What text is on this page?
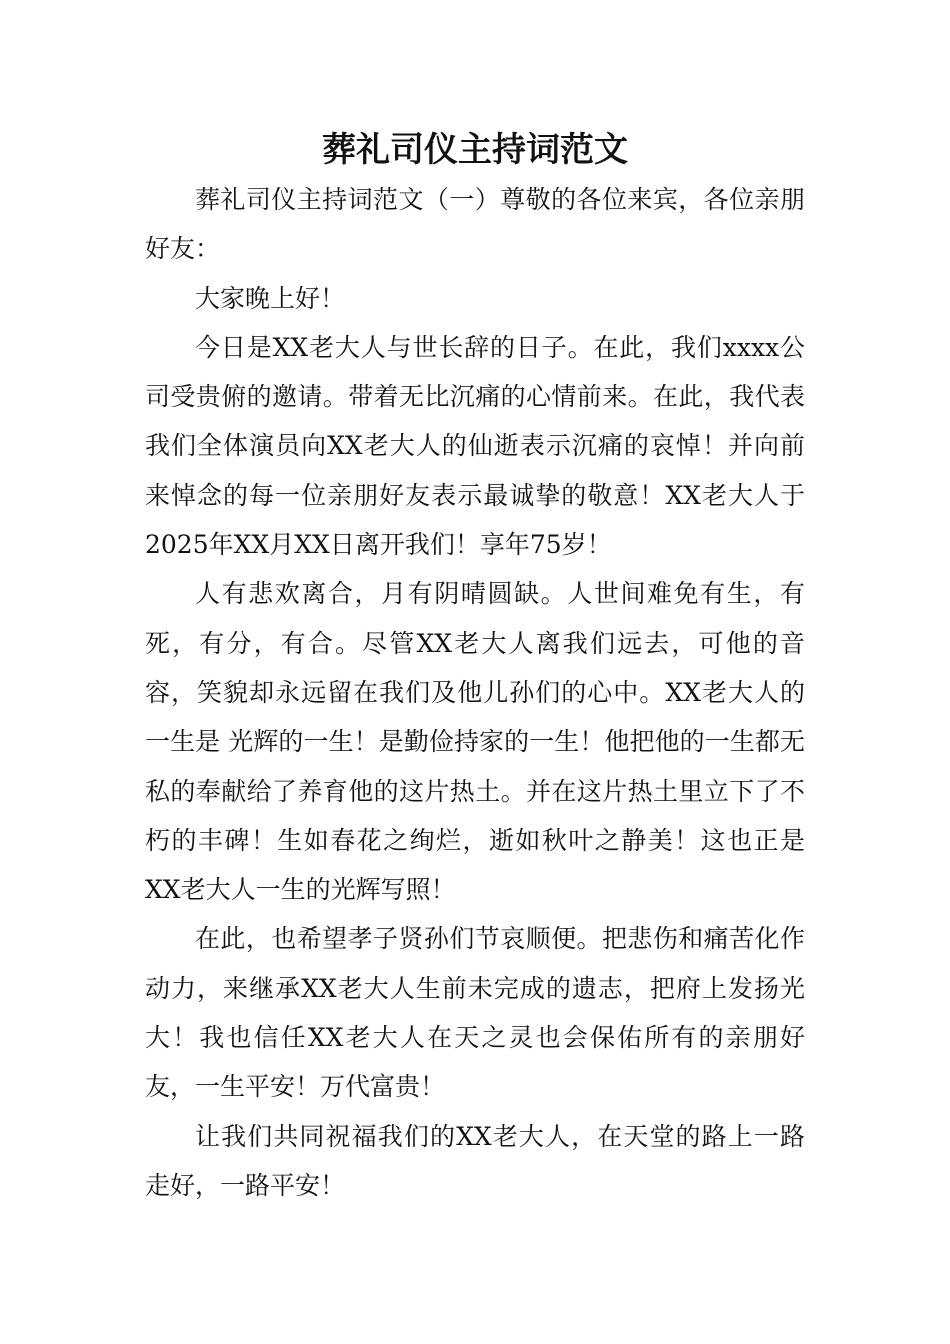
葬礼司仪主持词范文

葬礼司仪主持词范文（一）尊敬的各位来宾，各位亲朋好友：

大家晚上好！

今日是XX老大人与世长辞的日子。在此，我们xxxx公司受贵俯的邀请。带着无比沉痛的心情前来。在此，我代表我们全体演员向XX老大人的仙逝表示沉痛的哀悼！并向前来悼念的每一位亲朋好友表示最诚挚的敬意！XX老大人于2025年XX月XX日离开我们！享年75岁！

人有悲欢离合，月有阴晴圆缺。人世间难免有生，有死，有分，有合。尽管XX老大人离我们远去，可他的音容，笑貌却永远留在我们及他儿孙们的心中。XX老大人的一生是 光辉的一生！是勤俭持家的一生！他把他的一生都无私的奉献给了养育他的这片热土。并在这片热土里立下了不朽的丰碑！生如春花之绚烂，逝如秋叶之静美！这也正是XX老大人一生的光辉写照！

在此，也希望孝子贤孙们节哀顺便。把悲伤和痛苦化作动力，来继承XX老大人生前未完成的遗志，把府上发扬光大！我也信任XX老大人在天之灵也会保佑所有的亲朋好友，一生平安！万代富贵！

让我们共同祝福我们的XX老大人，在天堂的路上一路走好，一路平安！
